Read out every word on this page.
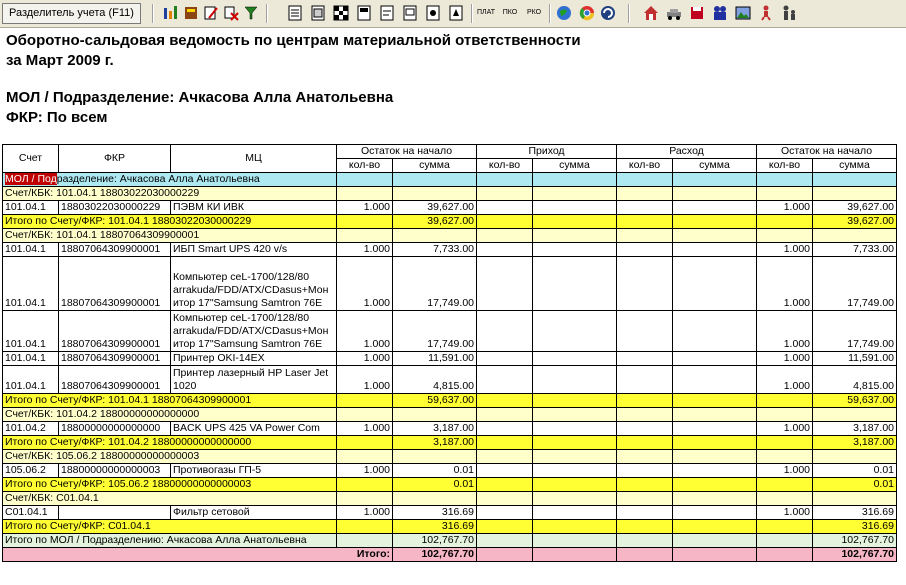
Разделитель учета (F11)	ПЛАТ	ПКО	РКО
Оборотно-сальдовая ведомость по центрам материальной ответственности
за Март 2009 г.
МОЛ / Подразделение: Ачкасова Алла Анатольевна
ФКР: По всем
Счет	ФКР	МЦ	Остаток на начало		Приход		Расход		Остаток на начало	
			кол-во	сумма	кол-во	сумма	кол-во	сумма	кол-во	сумма
МОЛ / Подразделение: Ачкасова Алла Анатольевна										
Счет/КБК: 101.04.1 18803022030000229										
101.04.1	18803022030000229	ПЭВМ КИ ИВК	1.000	39,627.00					1.000	39,627.00
Итого по Счету/ФКР: 101.04.1 18803022030000229				39,627.00						39,627.00
Счет/КБК: 101.04.1 18807064309900001										
101.04.1	18807064309900001	ИБП Smart UPS 420 v/s	1.000	7,733.00					1.000	7,733.00
101.04.1	18807064309900001	Компьютер ceL-1700/128/80 arrakuda/FDD/ATX/CDasus+Мон итор 17"Samsung Samtron 76E	1.000	17,749.00					1.000	17,749.00
101.04.1	18807064309900001	Компьютер ceL-1700/128/80 arrakuda/FDD/ATX/CDasus+Мон итор 17"Samsung Samtron 76E	1.000	17,749.00					1.000	17,749.00
101.04.1	18807064309900001	Принтер OKI-14EX	1.000	11,591.00					1.000	11,591.00
101.04.1	18807064309900001	Принтер лазерный HP Laser Jet 1020	1.000	4,815.00					1.000	4,815.00
Итого по Счету/ФКР: 101.04.1 18807064309900001				59,637.00						59,637.00
Счет/КБК: 101.04.2 18800000000000000										
101.04.2	18800000000000000	BACK UPS 425 VA Power Com	1.000	3,187.00					1.000	3,187.00
Итого по Счету/ФКР: 101.04.2 18800000000000000				3,187.00						3,187.00
Счет/КБК: 105.06.2 18800000000000003										
105.06.2	18800000000000003	Противогазы ГП-5	1.000	0.01					1.000	0.01
Итого по Счету/ФКР: 105.06.2 18800000000000003				0.01						0.01
Счет/КБК: С01.04.1										
С01.04.1		Фильтр сетовой	1.000	316.69					1.000	316.69
Итого по Счету/ФКР: С01.04.1				316.69						316.69
Итого по МОЛ / Подразделению: Ачкасова Алла Анатольевна				102,767.70						102,767.70
Итого:				102,767.70						102,767.70
